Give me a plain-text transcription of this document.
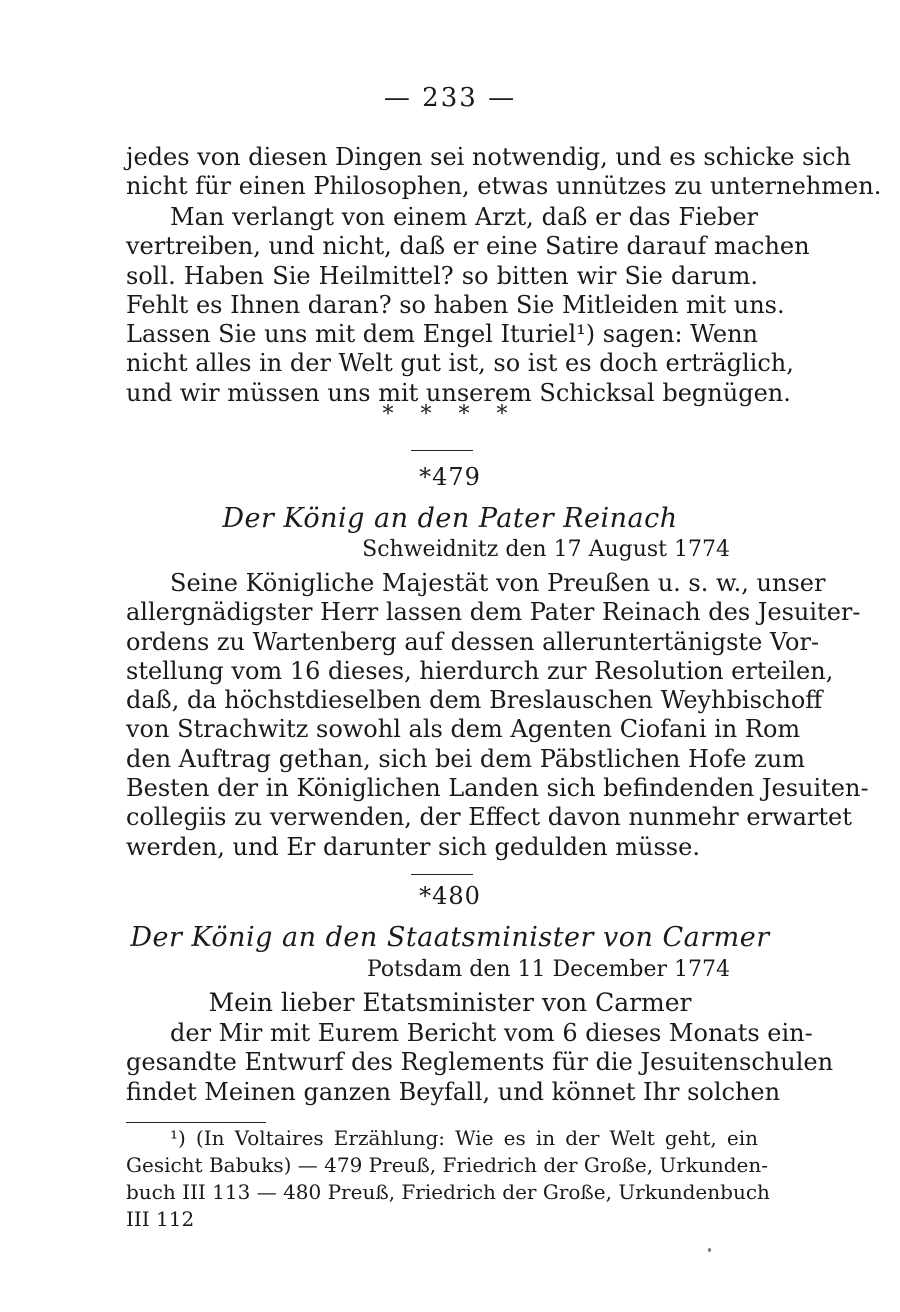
— 233 —
jedes von diesen Dingen sei notwendig, und es schicke sich
nicht für einen Philosophen, etwas unnützes zu unternehmen.
Man verlangt von einem Arzt, daß er das Fieber
vertreiben, und nicht, daß er eine Satire darauf machen
soll. Haben Sie Heilmittel? so bitten wir Sie darum.
Fehlt es Ihnen daran? so haben Sie Mitleiden mit uns.
Lassen Sie uns mit dem Engel Ituriel¹) sagen: Wenn
nicht alles in der Welt gut ist, so ist es doch erträglich,
und wir müssen uns mit unserem Schicksal begnügen.
* * * *
*479
Der König an den Pater Reinach
Schweidnitz den 17 August 1774
Seine Königliche Majestät von Preußen u. s. w., unser
allergnädigster Herr lassen dem Pater Reinach des Jesuiter-
ordens zu Wartenberg auf dessen alleruntertänigste Vor-
stellung vom 16 dieses, hierdurch zur Resolution erteilen,
daß, da höchstdieselben dem Breslauschen Weyhbischoff
von Strachwitz sowohl als dem Agenten Ciofani in Rom
den Auftrag gethan, sich bei dem Päbstlichen Hofe zum
Besten der in Königlichen Landen sich befindenden Jesuiten-
collegiis zu verwenden, der Effect davon nunmehr erwartet
werden, und Er darunter sich gedulden müsse.
*480
Der König an den Staatsminister von Carmer
Potsdam den 11 December 1774
Mein lieber Etatsminister von Carmer
der Mir mit Eurem Bericht vom 6 dieses Monats ein-
gesandte Entwurf des Reglements für die Jesuitenschulen
findet Meinen ganzen Beyfall, und könnet Ihr solchen
¹) (In Voltaires Erzählung: Wie es in der Welt geht, ein
Gesicht Babuks) — 479 Preuß, Friedrich der Große, Urkunden-
buch III 113 — 480 Preuß, Friedrich der Große, Urkundenbuch
III 112
